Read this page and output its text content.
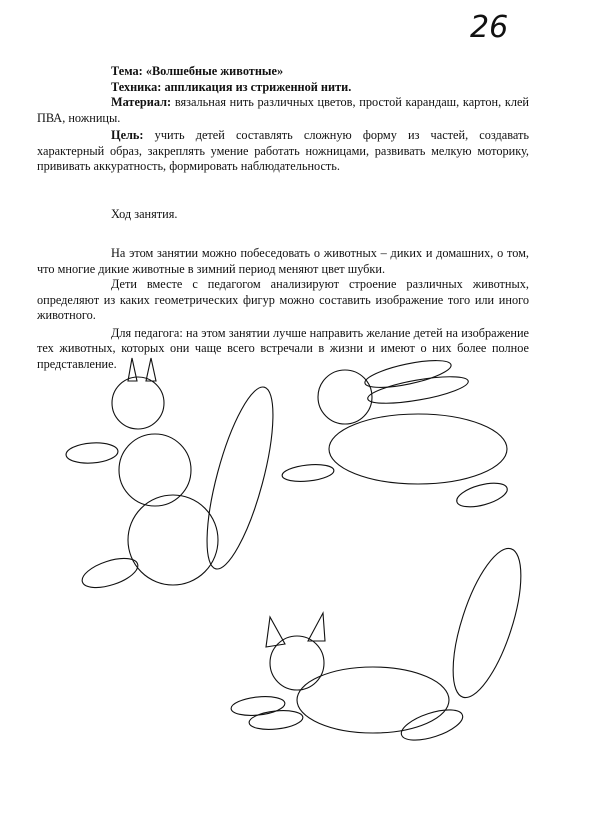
26

Тема: «Волшебные животные»

Техника: аппликация из стриженной нити.

Материал: вязальная нить различных цветов, простой карандаш, картон, клей ПВА, ножницы.

Цель: учить детей составлять сложную форму из частей, создавать характерный образ, закреплять умение работать ножницами, развивать мелкую моторику, прививать аккуратность, формировать наблюдательность.

Ход занятия.

На этом занятии можно побеседовать о животных – диких и домашних, о том, что многие дикие животные в зимний период меняют цвет шубки.

Дети вместе с педагогом анализируют строение различных животных, определяют из каких геометрических фигур можно составить изображение того или иного животного.

Для педагога: на этом занятии лучше направить желание детей на изображение тех животных, которых они чаще всего встречали в жизни и имеют о них более полное представление.
